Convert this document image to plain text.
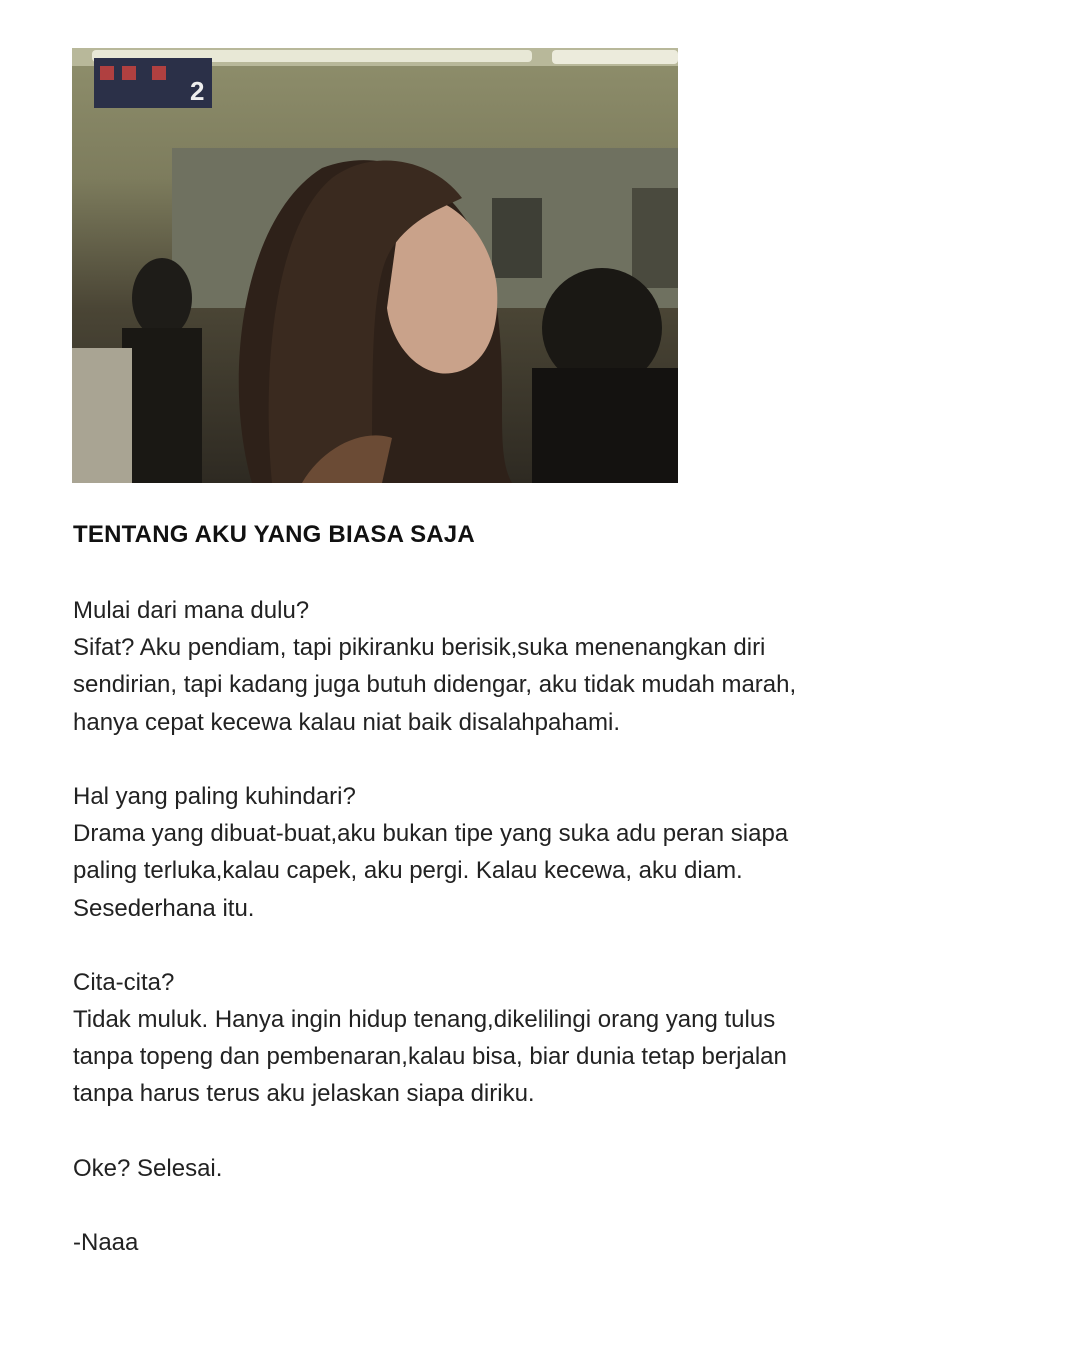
2
TENTANG AKU YANG BIASA SAJA
Mulai dari mana dulu?
Sifat? Aku pendiam, tapi pikiranku berisik,suka menenangkan diri
sendirian, tapi kadang juga butuh didengar, aku tidak mudah marah,
hanya cepat kecewa kalau niat baik disalahpahami.
Hal yang paling kuhindari?
Drama yang dibuat-buat,aku bukan tipe yang suka adu peran siapa
paling terluka,kalau capek, aku pergi. Kalau kecewa, aku diam.
Sesederhana itu.
Cita-cita?
Tidak muluk. Hanya ingin hidup tenang,dikelilingi orang yang tulus
tanpa topeng dan pembenaran,kalau bisa, biar dunia tetap berjalan
tanpa harus terus aku jelaskan siapa diriku.
Oke? Selesai.
-Naaa
